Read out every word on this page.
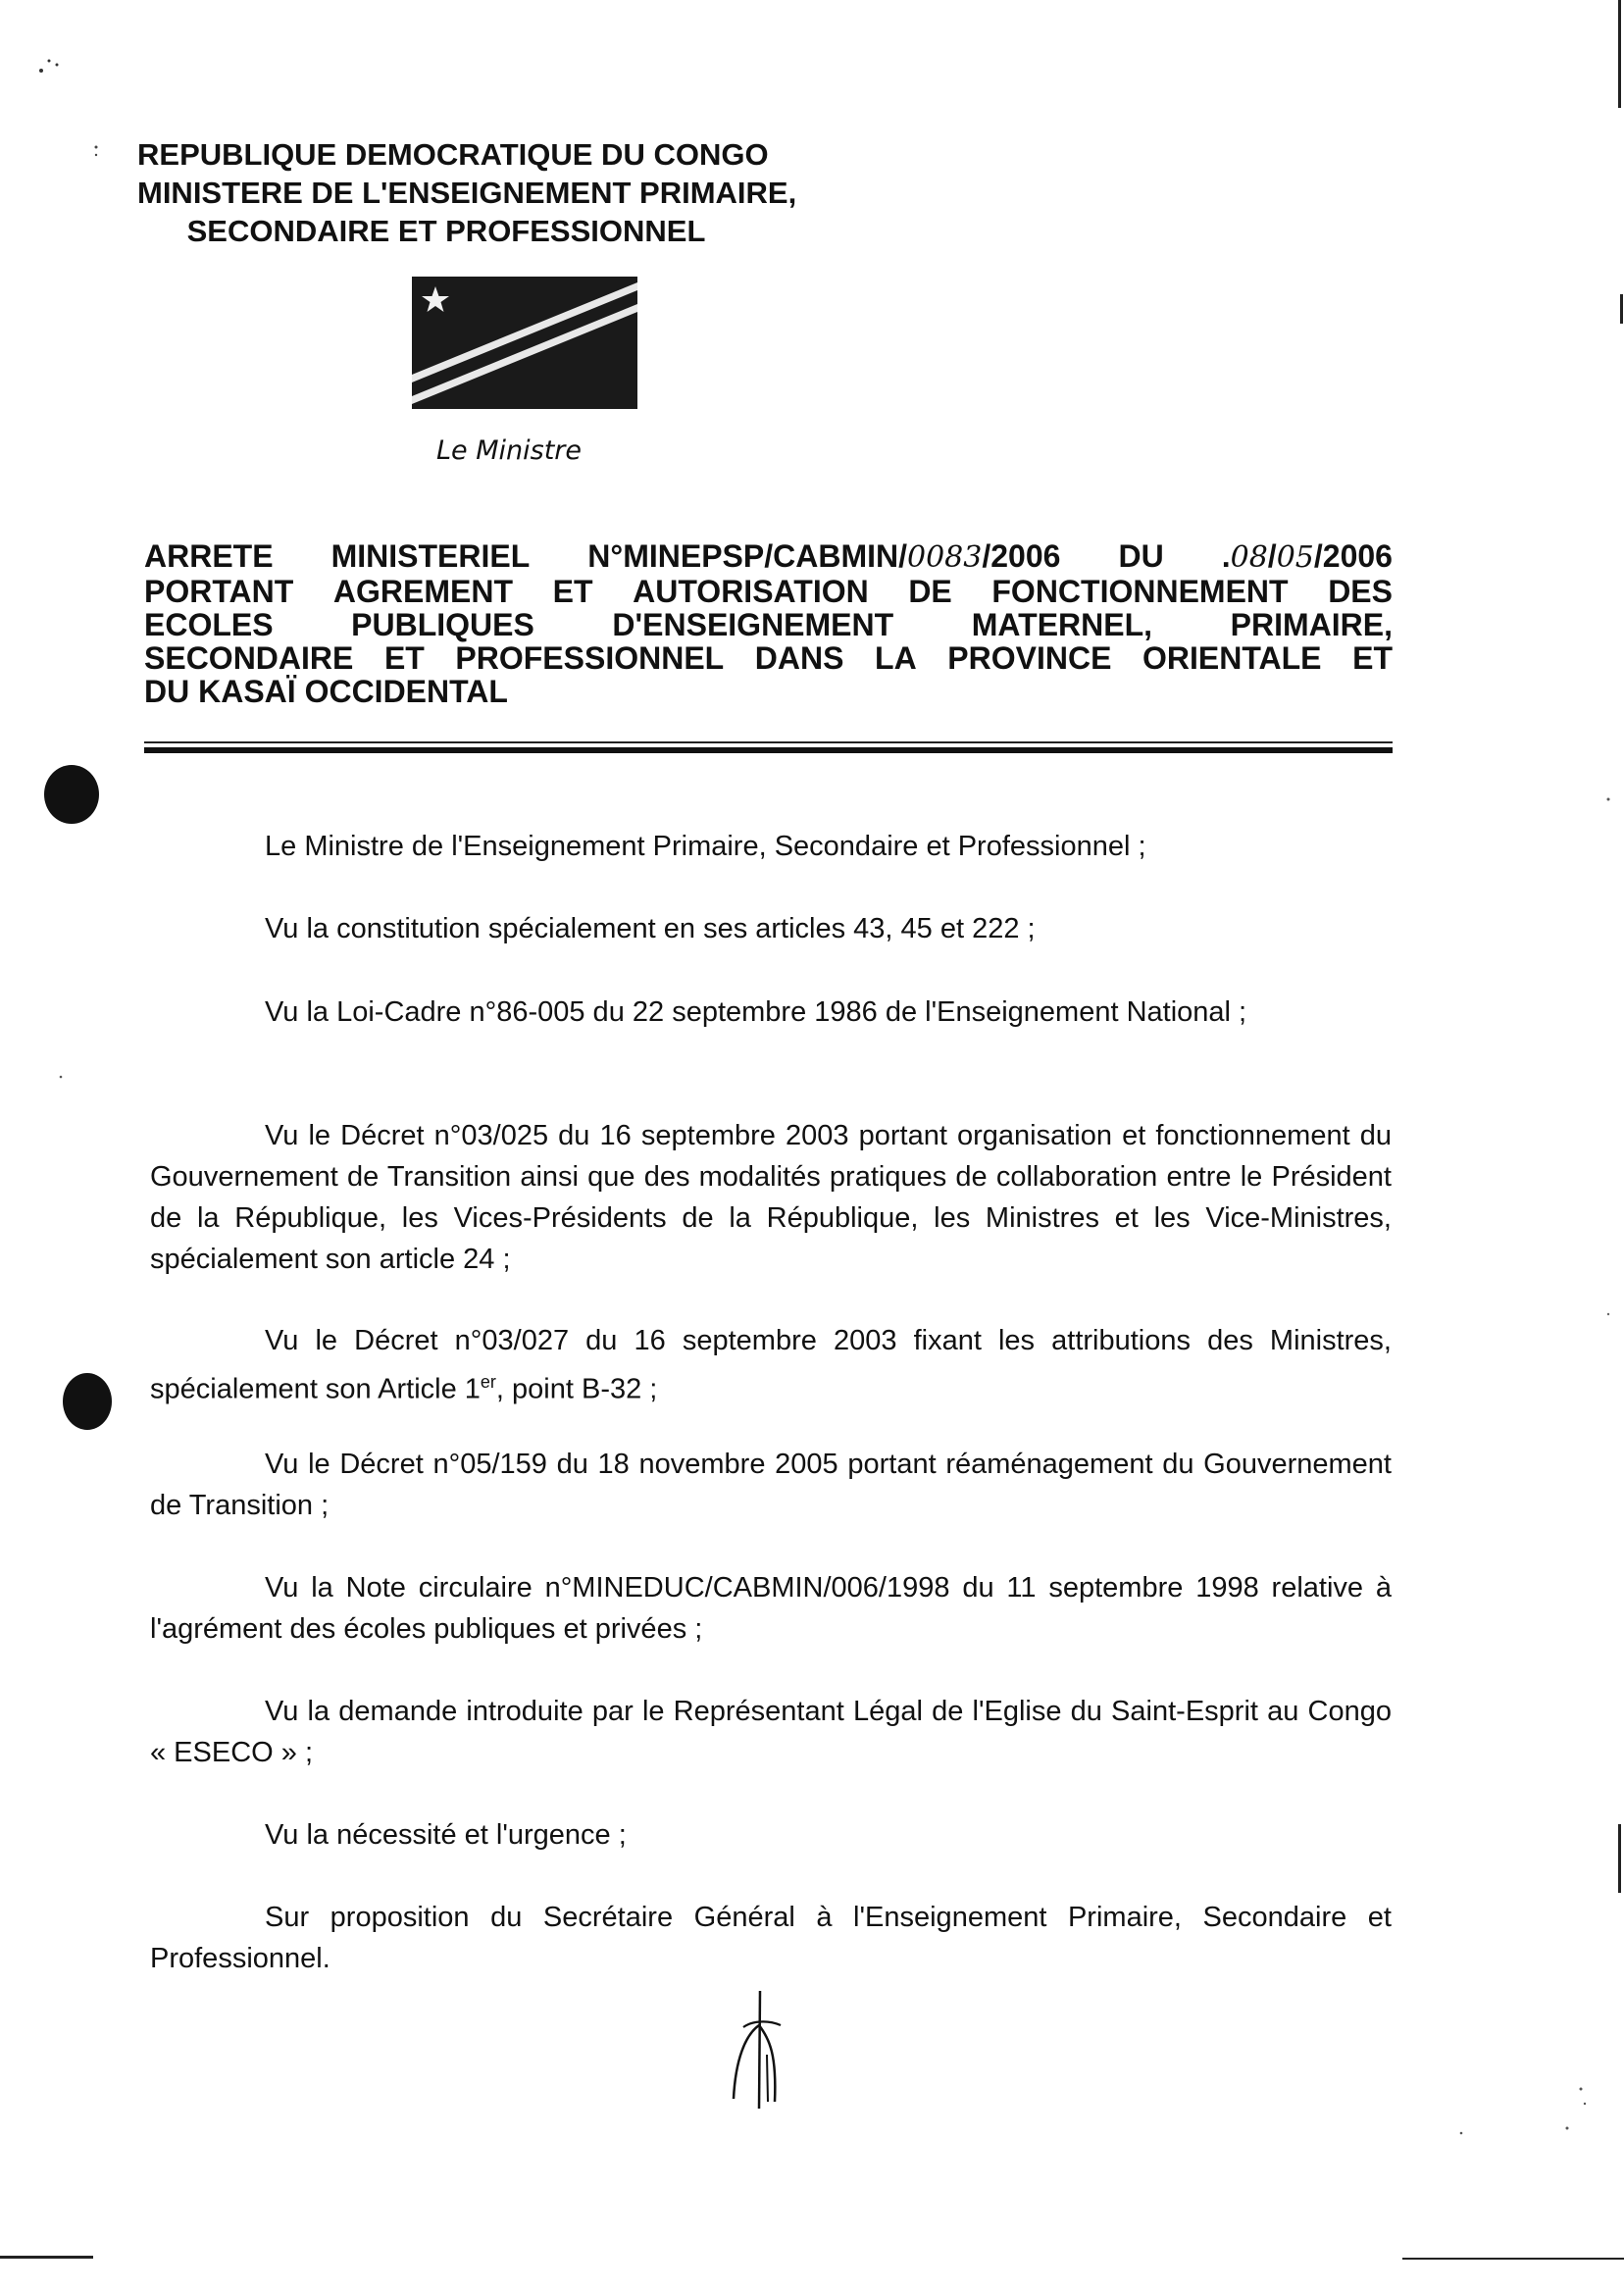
REPUBLIQUE DEMOCRATIQUE DU CONGO
MINISTERE DE L'ENSEIGNEMENT PRIMAIRE,
SECONDAIRE ET PROFESSIONNEL
Le Ministre
ARRETE MINISTERIEL N°MINEPSP/CABMIN/0083/2006 DU .08/05/2006
PORTANT AGREMENT ET AUTORISATION DE FONCTIONNEMENT DES
ECOLES PUBLIQUES D'ENSEIGNEMENT MATERNEL, PRIMAIRE,
SECONDAIRE ET PROFESSIONNEL DANS LA PROVINCE ORIENTALE ET
DU KASAÏ OCCIDENTAL

Le Ministre de l'Enseignement Primaire, Secondaire et Professionnel ;

Vu la constitution spécialement en ses articles 43, 45 et 222 ;

Vu la Loi-Cadre n°86-005 du 22 septembre 1986 de l'Enseignement National ;

Vu le Décret n°03/025 du 16 septembre 2003 portant organisation et fonctionnement du Gouvernement de Transition ainsi que des modalités pratiques de collaboration entre le Président de la République, les Vices-Présidents de la République, les Ministres et les Vice-Ministres, spécialement son article 24 ;

Vu le Décret n°03/027 du 16 septembre 2003 fixant les attributions des Ministres, spécialement son Article 1er, point B-32 ;

Vu le Décret n°05/159 du 18 novembre 2005 portant réaménagement du Gouvernement de Transition ;

Vu la Note circulaire n°MINEDUC/CABMIN/006/1998 du 11 septembre 1998 relative à l'agrément des écoles publiques et privées ;

Vu la demande introduite par le Représentant Légal de l'Eglise du Saint-Esprit au Congo « ESECO » ;

Vu la nécessité et l'urgence ;

Sur proposition du Secrétaire Général à l'Enseignement Primaire, Secondaire et Professionnel.
